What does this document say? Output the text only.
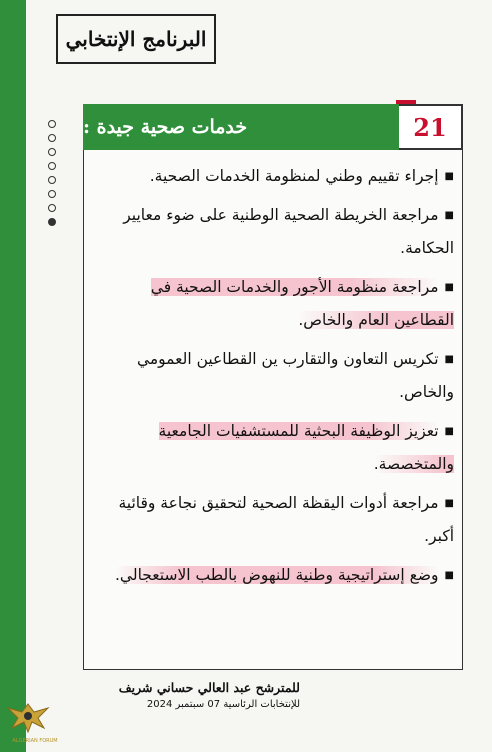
البرنامج الإنتخابي
خدمات صحية جيدة :	21
■إجراء تقييم وطني لمنظومة الخدمات الصحية.
■مراجعة الخريطة الصحية الوطنية على ضوء معايير الحكامة.
■مراجعة منظومة الأجور والخدمات الصحية في القطاعين العام والخاص.
■تكريس التعاون والتقارب ين القطاعين العمومي والخاص.
■تعزيز الوظيفة البحثية للمستشفيات الجامعية والمتخصصة.
■مراجعة أدوات اليقظة الصحية لتحقيق نجاعة وقائية أكبر.
■وضع إستراتيجية وطنية للنهوض بالطب الاستعجالي.
للمترشح عبد العالي حساني شريف
للإنتخابات الرئاسية 07 سبتمبر 2024
ALGERIAN FORUM
